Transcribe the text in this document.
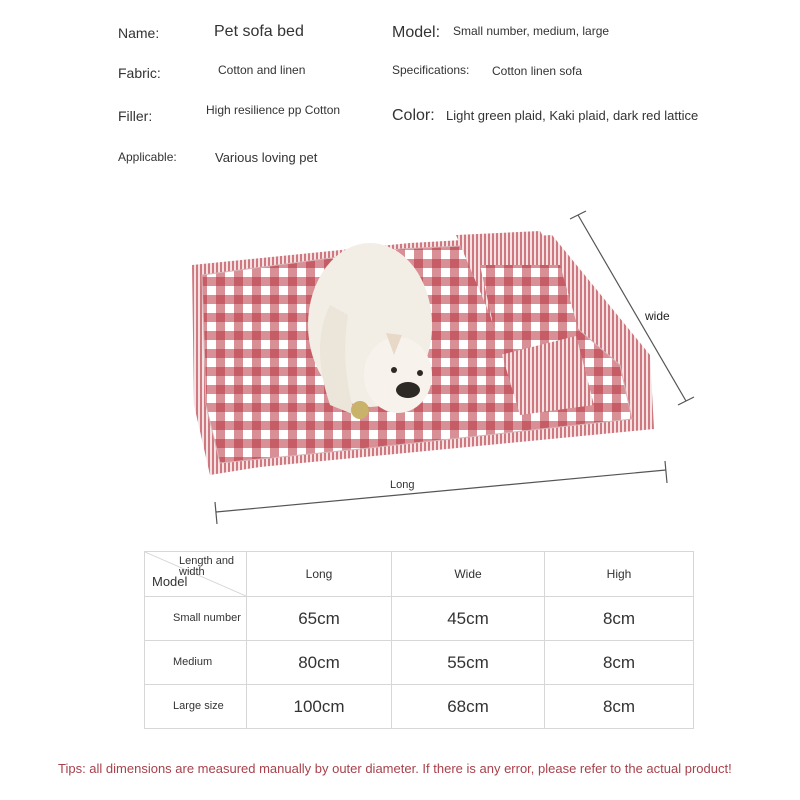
Name:	Pet sofa bed	Model: Small number, medium, large
Fabric:	Cotton and linen	Specifications: Cotton linen sofa
Filler:	High resilience pp Cotton	Color: Light green plaid, Kaki plaid, dark red lattice
Applicable:	Various loving pet
wide
Long
Length and width
Model	Long	Wide	High
Small number	65cm	45cm	8cm
Medium	80cm	55cm	8cm
Large size	100cm	68cm	8cm
Tips: all dimensions are measured manually by outer diameter. If there is any error, please refer to the actual product!
